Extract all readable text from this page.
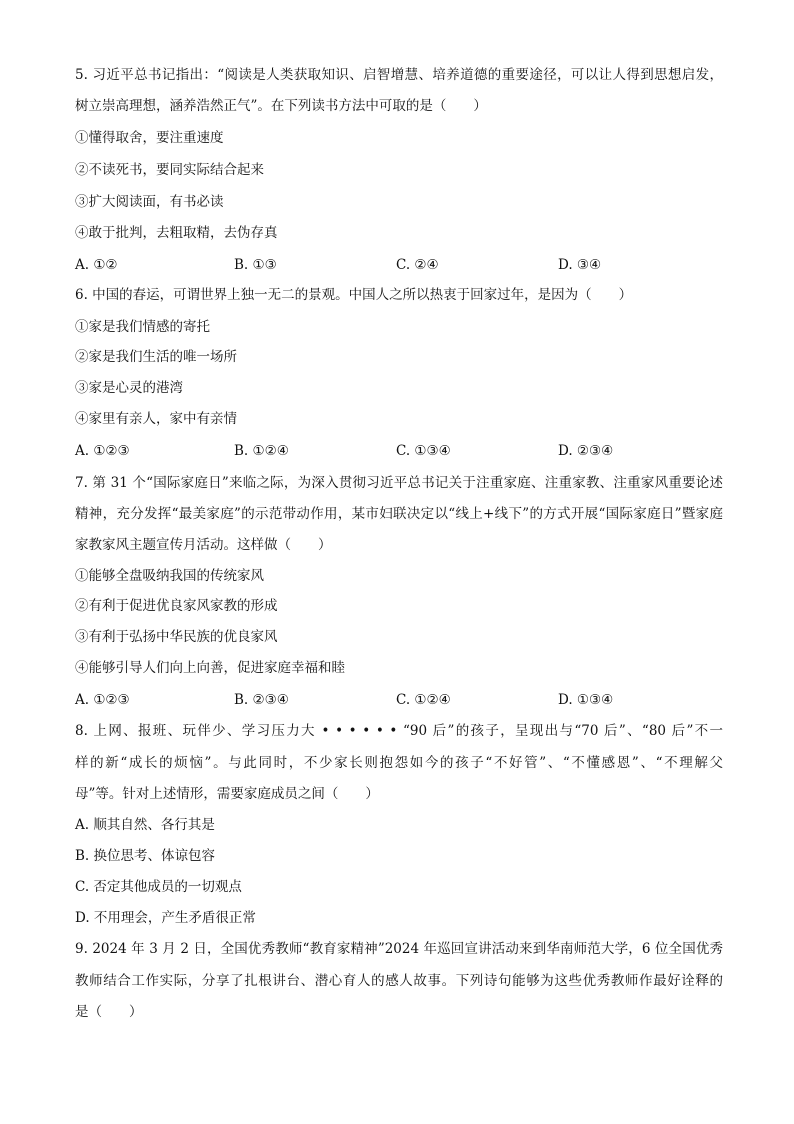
5. 习近平总书记指出：“阅读是人类获取知识、启智增慧、培养道德的重要途径，可以让人得到思想启发，
树立崇高理想，涵养浩然正气”。在下列读书方法中可取的是（　　）
①懂得取舍，要注重速度
②不读死书，要同实际结合起来
③扩大阅读面，有书必读
④敢于批判，去粗取精，去伪存真
A. ①②	B. ①③	C. ②④	D. ③④
6. 中国的春运，可谓世界上独一无二的景观。中国人之所以热衷于回家过年，是因为（　　）
①家是我们情感的寄托
②家是我们生活的唯一场所
③家是心灵的港湾
④家里有亲人，家中有亲情
A. ①②③	B. ①②④	C. ①③④	D. ②③④
7. 第 31 个“国际家庭日”来临之际，为深入贯彻习近平总书记关于注重家庭、注重家教、注重家风重要论述
精神，充分发挥“最美家庭”的示范带动作用，某市妇联决定以“线上+线下”的方式开展“国际家庭日”暨家庭
家教家风主题宣传月活动。这样做（　　）
①能够全盘吸纳我国的传统家风
②有利于促进优良家风家教的形成
③有利于弘扬中华民族的优良家风
④能够引导人们向上向善，促进家庭幸福和睦
A. ①②③	B. ②③④	C. ①②④	D. ①③④
8. 上网、报班、玩伴少、学习压力大 • • • • • • “90 后”的孩子，呈现出与“70 后”、“80 后”不一
样的新“成长的烦恼”。与此同时，不少家长则抱怨如今的孩子“不好管”、“不懂感恩”、“不理解父
母”等。针对上述情形，需要家庭成员之间（　　）
A. 顺其自然、各行其是
B. 换位思考、体谅包容
C. 否定其他成员的一切观点
D. 不用理会，产生矛盾很正常
9. 2024 年 3 月 2 日，全国优秀教师“教育家精神”2024 年巡回宣讲活动来到华南师范大学，6 位全国优秀
教师结合工作实际，分享了扎根讲台、潜心育人的感人故事。下列诗句能够为这些优秀教师作最好诠释的
是（　　）
